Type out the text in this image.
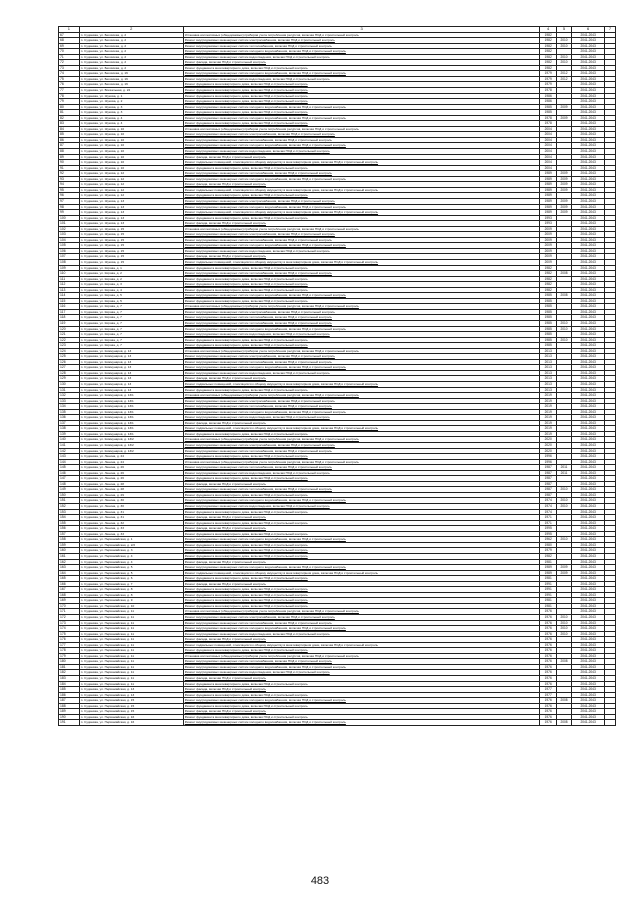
1	2	3	4	5	6	7
67	п. Судиевка, ул. Беговская, д. 2	Установка коллективных (общедомовых) приборов учета потребления ресурсов, включая ПСД и строительный контроль	1982		2041-2043	
68	п. Судиевка, ул. Беговская, д. 2	Ремонт внутридомовых инженерных систем электроснабжения, включая ПСД и строительный контроль	1982	2010	2041-2043	
69	п. Судиевка, ул. Беговская, д. 2	Ремонт внутридомовых инженерных систем теплоснабжения, включая ПСД и строительный контроль	1982	2010	2041-2043	
70	п. Судиевка, ул. Беговская, д. 2	Ремонт внутридомовых инженерных систем холодного водоснабжения, включая ПСД и строительный контроль	1982		2041-2043	
71	п. Судиевка, ул. Беговская, д. 2	Ремонт внутридомовых инженерных систем водоотведения, включая ПСД и строительный контроль	1982	2010	2041-2043	
72	п. Судиевка, ул. Беговская, д. 2	Ремонт фасада, включая ПСД и строительный контроль	1982	2010	2041-2043	
73	п. Судиевка, ул. Беговская, д. 2	Ремонт фундамента многоквартирного дома, включая ПСД и строительный контроль	1982		2041-2043	
74	п. Судиевка, ул. Беговская, д. 16	Ремонт внутридомовых инженерных систем холодного водоснабжения, включая ПСД и строительный контроль	1979	2012	2041-2043	
75	п. Судиевка, ул. Беговская, д. 16	Ремонт внутридомовых инженерных систем водоотведения, включая ПСД и строительный контроль	1979	2012	2041-2043	
76	п. Судиевка, ул. Беговская, д. 16	Ремонт фундамента многоквартирного дома, включая ПСД и строительный контроль	1979		2041-2043	
77	п. Судиевка, ул. Вокзальная, д. 24	Ремонт фундамента многоквартирного дома, включая ПСД и строительный контроль	1978		2041-2043	
78	п. Судиевка, ул. Жукова, д. 1	Ремонт фундамента многоквартирного дома, включая ПСД и строительный контроль	1986		2041-2043	
79	п. Судиевка, ул. Жукова, д. 2	Ремонт фундамента многоквартирного дома, включая ПСД и строительный контроль	1986		2041-2043	
80	п. Судиевка, ул. Жукова, д. 3	Ремонт внутридомовых инженерных систем холодного водоснабжения, включая ПСД и строительный контроль	1985	2009	2041-2043	
81	п. Судиевка, ул. Жукова, д. 3	Ремонт фундамента многоквартирного дома, включая ПСД и строительный контроль	1985		2041-2043	
82	п. Судиевка, ул. Жукова, д. 4	Ремонт внутридомовых инженерных систем холодного водоснабжения, включая ПСД и строительный контроль	1978	2009	2041-2043	
83	п. Судиевка, ул. Жукова, д. 4	Ремонт фундамента многоквартирного дома, включая ПСД и строительный контроль	1978		2041-2043	
84	п. Судиевка, ул. Жукова, д. 10	Установка коллективных (общедомовых) приборов учета потребления ресурсов, включая ПСД и строительный контроль	2004		2041-2043	
85	п. Судиевка, ул. Жукова, д. 10	Ремонт внутридомовых инженерных систем электроснабжения, включая ПСД и строительный контроль	2004		2041-2043	
86	п. Судиевка, ул. Жукова, д. 10	Ремонт внутридомовых инженерных систем теплоснабжения, включая ПСД и строительный контроль	2004		2041-2043	
87	п. Судиевка, ул. Жукова, д. 10	Ремонт внутридомовых инженерных систем холодного водоснабжения, включая ПСД и строительный контроль	2004		2041-2043	
88	п. Судиевка, ул. Жукова, д. 10	Ремонт внутридомовых инженерных систем водоотведения, включая ПСД и строительный контроль	2004		2041-2043	
89	п. Судиевка, ул. Жукова, д. 10	Ремонт фасада, включая ПСД и строительный контроль	2004		2041-2043	
90	п. Судиевка, ул. Жукова, д. 10	Ремонт подвальных помещений, относящихся к общему имуществу в многоквартирном доме, включая ПСД и строительный контроль	2004		2041-2043	
91	п. Судиевка, ул. Жукова, д. 10	Ремонт фундамента многоквартирного дома, включая ПСД и строительный контроль	2004		2041-2043	
92	п. Судиевка, ул. Жукова, д. 12	Ремонт внутридомовых инженерных систем теплоснабжения, включая ПСД и строительный контроль	1989	2009	2041-2043	
93	п. Судиевка, ул. Жукова, д. 12	Ремонт внутридомовых инженерных систем холодного водоснабжения, включая ПСД и строительный контроль	1989	2009	2041-2043	
94	п. Судиевка, ул. Жукова, д. 12	Ремонт фасада, включая ПСД и строительный контроль	1989	2009	2041-2043	
95	п. Судиевка, ул. Жукова, д. 12	Ремонт подвальных помещений, относящихся к общему имуществу в многоквартирном доме, включая ПСД и строительный контроль	1989	2009	2041-2043	
96	п. Судиевка, ул. Жукова, д. 12	Ремонт фундамента многоквартирного дома, включая ПСД и строительный контроль	1989		2041-2043	
97	п. Судиевка, ул. Жукова, д. 13	Ремонт внутридомовых инженерных систем электроснабжения, включая ПСД и строительный контроль	1989	2009	2041-2043	
98	п. Судиевка, ул. Жукова, д. 13	Ремонт внутридомовых инженерных систем холодного водоснабжения, включая ПСД и строительный контроль	1989	2009	2041-2043	
99	п. Судиевка, ул. Жукова, д. 13	Ремонт подвальных помещений, относящихся к общему имуществу в многоквартирном доме, включая ПСД и строительный контроль	1989	2009	2041-2043	
100	п. Судиевка, ул. Жукова, д. 13	Ремонт фундамента многоквартирного дома, включая ПСД и строительный контроль	1993		2041-2043	
101	п. Судиевка, ул. Жукова, д. 13	Ремонт фасада, включая ПСД и строительный контроль	1993		2041-2043	
102	п. Судиевка, ул. Жукова, д. 15	Установка коллективных (общедомовых) приборов учета потребления ресурсов, включая ПСД и строительный контроль	2009		2041-2043	
103	п. Судиевка, ул. Жукова, д. 15	Ремонт внутридомовых инженерных систем электроснабжения, включая ПСД и строительный контроль	2009		2041-2043	
104	п. Судиевка, ул. Жукова, д. 15	Ремонт внутридомовых инженерных систем теплоснабжения, включая ПСД и строительный контроль	2009		2041-2043	
105	п. Судиевка, ул. Жукова, д. 15	Ремонт внутридомовых инженерных систем холодного водоснабжения, включая ПСД и строительный контроль	2009		2041-2043	
106	п. Судиевка, ул. Жукова, д. 15	Ремонт внутридомовых инженерных систем водоотведения, включая ПСД и строительный контроль	2009		2041-2043	
107	п. Судиевка, ул. Жукова, д. 15	Ремонт фасада, включая ПСД и строительный контроль	2009		2041-2043	
108	п. Судиевка, ул. Жукова, д. 15	Ремонт подвальных помещений, относящихся к общему имуществу в многоквартирном доме, включая ПСД и строительный контроль	2009		2041-2043	
109	п. Судиевка, ул. Кирова, д. 1	Ремонт фундамента многоквартирного дома, включая ПСД и строительный контроль	1982		2041-2043	
110	п. Судиевка, ул. Кирова, д. 2	Ремонт внутридомовых инженерных систем теплоснабжения, включая ПСД и строительный контроль	1982	2008	2041-2043	
111	п. Судиевка, ул. Кирова, д. 2	Ремонт фундамента многоквартирного дома, включая ПСД и строительный контроль	1982		2041-2043	
112	п. Судиевка, ул. Кирова, д. 3	Ремонт фундамента многоквартирного дома, включая ПСД и строительный контроль	1982		2041-2043	
113	п. Судиевка, ул. Кирова, д. 4	Ремонт фундамента многоквартирного дома, включая ПСД и строительный контроль	1982		2041-2043	
114	п. Судиевка, ул. Кирова, д. 5	Ремонт внутридомовых инженерных систем холодного водоснабжения, включая ПСД и строительный контроль	1985	2008	2041-2043	
115	п. Судиевка, ул. Кирова, д. 5	Ремонт фундамента многоквартирного дома, включая ПСД и строительный контроль	1985		2041-2043	
116	п. Судиевка, ул. Кирова, д. 7	Установка коллективных (общедомовых) приборов учета потребления ресурсов, включая ПСД и строительный контроль	1985		2041-2043	
117	п. Судиевка, ул. Кирова, д. 7	Ремонт внутридомовых инженерных систем электроснабжения, включая ПСД и строительный контроль	1985		2041-2043	
118	п. Судиевка, ул. Кирова, д. 7	Ремонт внутридомовых инженерных систем теплоснабжения, включая ПСД и строительный контроль	1985		2041-2043	
119	п. Судиевка, ул. Кирова, д. 7	Ремонт внутридомовых инженерных систем теплоснабжения, включая ПСД и строительный контроль	1985	2010	2041-2043	
120	п. Судиевка, ул. Кирова, д. 7	Ремонт внутридомовых инженерных систем холодного водоснабжения, включая ПСД и строительный контроль	1985	2010	2041-2043	
121	п. Судиевка, ул. Кирова, д. 7	Ремонт внутридомовых инженерных систем водоотведения, включая ПСД и строительный контроль	1985		2041-2043	
122	п. Судиевка, ул. Кирова, д. 7	Ремонт фундамента многоквартирного дома, включая ПСД и строительный контроль	1985	2010	2041-2043	
123	п. Судиевка, ул. Кирова, д. 7	Ремонт фундамента многоквартирного дома, включая ПСД и строительный контроль	1985		2041-2043	
124	п. Судиевка, ул. Коммунаров, д. 13	Установка коллективных (общедомовых) приборов учета потребления ресурсов, включая ПСД и строительный контроль	2013		2041-2043	
125	п. Судиевка, ул. Коммунаров, д. 13	Ремонт внутридомовых инженерных систем электроснабжения, включая ПСД и строительный контроль	2013		2041-2043	
126	п. Судиевка, ул. Коммунаров, д. 13	Ремонт внутридомовых инженерных систем теплоснабжения, включая ПСД и строительный контроль	2013		2041-2043	
127	п. Судиевка, ул. Коммунаров, д. 13	Ремонт внутридомовых инженерных систем холодного водоснабжения, включая ПСД и строительный контроль	2013		2041-2043	
128	п. Судиевка, ул. Коммунаров, д. 13	Ремонт внутридомовых инженерных систем водоотведения, включая ПСД и строительный контроль	2013		2041-2043	
129	п. Судиевка, ул. Коммунаров, д. 13	Ремонт фасада, включая ПСД и строительный контроль	2013		2041-2043	
130	п. Судиевка, ул. Коммунаров, д. 13	Ремонт подвальных помещений, относящихся к общему имуществу в многоквартирном доме, включая ПСД и строительный контроль	2013		2041-2043	
131	п. Судиевка, ул. Коммунаров, д. 13	Ремонт фундамента многоквартирного дома, включая ПСД и строительный контроль	2013		2041-2043	
132	п. Судиевка, ул. Коммунаров, д. 13/1	Установка коллективных (общедомовых) приборов учета потребления ресурсов, включая ПСД и строительный контроль	2019		2041-2043	
133	п. Судиевка, ул. Коммунаров, д. 13/1	Ремонт внутридомовых инженерных систем электроснабжения, включая ПСД и строительный контроль	2019		2041-2043	
134	п. Судиевка, ул. Коммунаров, д. 13/1	Ремонт внутридомовых инженерных систем теплоснабжения, включая ПСД и строительный контроль	2019		2041-2043	
135	п. Судиевка, ул. Коммунаров, д. 13/1	Ремонт внутридомовых инженерных систем холодного водоснабжения, включая ПСД и строительный контроль	2019		2041-2043	
136	п. Судиевка, ул. Коммунаров, д. 13/1	Ремонт внутридомовых инженерных систем водоотведения, включая ПСД и строительный контроль	2019		2041-2043	
137	п. Судиевка, ул. Коммунаров, д. 13/1	Ремонт фасада, включая ПСД и строительный контроль	2019		2041-2043	
138	п. Судиевка, ул. Коммунаров, д. 13/1	Ремонт подвальных помещений, относящихся к общему имуществу в многоквартирном доме, включая ПСД и строительный контроль	2019		2041-2043	
139	п. Судиевка, ул. Коммунаров, д. 13/1	Ремонт фундамента многоквартирного дома, включая ПСД и строительный контроль	2019		2041-2043	
140	п. Судиевка, ул. Коммунаров, д. 13/2	Установка коллективных (общедомовых) приборов учета потребления ресурсов, включая ПСД и строительный контроль	2020		2041-2043	
141	п. Судиевка, ул. Коммунаров, д. 13/2	Ремонт внутридомовых инженерных систем электроснабжения, включая ПСД и строительный контроль	2020		2041-2043	
142	п. Судиевка, ул. Коммунаров, д. 13/2	Ремонт внутридомовых инженерных систем теплоснабжения, включая ПСД и строительный контроль	2020		2041-2043	
143	п. Судиевка, ул. Ленина, д. 24	Ремонт фундамента многоквартирного дома, включая ПСД и строительный контроль	1996		2041-2043	
144	п. Судиевка, ул. Ленина, д. 24	Установка коллективных (общедомовых) приборов учета потребления ресурсов, включая ПСД и строительный контроль	1996		2041-2043	
145	п. Судиевка, ул. Ленина, д. 26	Ремонт внутридомовых инженерных систем теплоснабжения, включая ПСД и строительный контроль	1987	2011	2041-2043	
146	п. Судиевка, ул. Ленина, д. 26	Ремонт внутридомовых инженерных систем водоотведения, включая ПСД и строительный контроль	1987	2011	2041-2043	
147	п. Судиевка, ул. Ленина, д. 26	Ремонт фундамента многоквартирного дома, включая ПСД и строительный контроль	1987		2041-2043	
148	п. Судиевка, ул. Ленина, д. 28	Ремонт фасада, включая ПСД и строительный контроль	1987		2041-2043	
149	п. Судиевка, ул. Ленина, д. 28	Ремонт внутридомовых инженерных систем теплоснабжения, включая ПСД и строительный контроль	1987	2010	2041-2043	
150	п. Судиевка, ул. Ленина, д. 29	Ремонт фундамента многоквартирного дома, включая ПСД и строительный контроль	1987		2041-2043	
151	п. Судиевка, ул. Ленина, д. 30	Ремонт внутридомовых инженерных систем холодного водоснабжения, включая ПСД и строительный контроль	1974	2010	2041-2043	
152	п. Судиевка, ул. Ленина, д. 30	Ремонт внутридомовых инженерных систем водоотведения, включая ПСД и строительный контроль	1974	2010	2041-2043	
153	п. Судиевка, ул. Ленина, д. 31	Ремонт фундамента многоквартирного дома, включая ПСД и строительный контроль	1974		2041-2043	
154	п. Судиевка, ул. Ленина, д. 31	Ремонт фасада, включая ПСД и строительный контроль	1971		2041-2043	
155	п. Судиевка, ул. Ленина, д. 32	Ремонт фундамента многоквартирного дома, включая ПСД и строительный контроль	1971		2041-2043	
156	п. Судиевка, ул. Ленина, д. 33	Ремонт фасада, включая ПСД и строительный контроль	1995		2041-2043	
157	п. Судиевка, ул. Ленина, д. 33	Ремонт фундамента многоквартирного дома, включая ПСД и строительный контроль	1995		2041-2043	
158	п. Судиевка, ул. Первомайская, д. 1	Ремонт внутридомовых инженерных систем холодного водоснабжения, включая ПСД и строительный контроль	1962	2010	2041-2043	
159	п. Судиевка, ул. Первомайская, д. 2/2	Ремонт фундамента многоквартирного дома, включая ПСД и строительный контроль	1980		2041-2043	
160	п. Судиевка, ул. Первомайская, д. 3	Ремонт фундамента многоквартирного дома, включая ПСД и строительный контроль	1979		2041-2043	
161	п. Судиевка, ул. Первомайская, д. 4	Ремонт фундамента многоквартирного дома, включая ПСД и строительный контроль	1982		2041-2043	
162	п. Судиевка, ул. Первомайская, д. 4	Ремонт фасада, включая ПСД и строительный контроль	1981		2041-2043	
163	п. Судиевка, ул. Первомайская, д. 5	Ремонт внутридомовых инженерных систем холодного водоснабжения, включая ПСД и строительный контроль	1989	2009	2041-2043	
164	п. Судиевка, ул. Первомайская, д. 5	Ремонт подвальных помещений, относящихся к общему имуществу в многоквартирном доме, включая ПСД и строительный контроль	1989	2009	2041-2043	
165	п. Судиевка, ул. Первомайская, д. 6	Ремонт фундамента многоквартирного дома, включая ПСД и строительный контроль	1981		2041-2043	
166	п. Судиевка, ул. Первомайская, д. 7	Ремонт фасада, включая ПСД и строительный контроль	1991		2041-2043	
167	п. Судиевка, ул. Первомайская, д. 8	Ремонт фундамента многоквартирного дома, включая ПСД и строительный контроль	1991		2041-2043	
168	п. Судиевка, ул. Первомайская, д. 8	Ремонт фундамента многоквартирного дома, включая ПСД и строительный контроль	1991		2041-2043	
169	п. Судиевка, ул. Первомайская, д. 9	Ремонт фундамента многоквартирного дома, включая ПСД и строительный контроль	1981		2041-2043	
170	п. Судиевка, ул. Первомайская, д. 10	Ремонт фундамента многоквартирного дома, включая ПСД и строительный контроль	1981		2041-2043	
171	п. Судиевка, ул. Первомайская, д. 11	Установка коллективных (общедомовых) приборов учета потребления ресурсов, включая ПСД и строительный контроль	1976		2041-2043	
172	п. Судиевка, ул. Первомайская, д. 11	Ремонт внутридомовых инженерных систем электроснабжения, включая ПСД и строительный контроль	1976	2010	2041-2043	
173	п. Судиевка, ул. Первомайская, д. 11	Ремонт внутридомовых инженерных систем теплоснабжения, включая ПСД и строительный контроль	1976	2010	2041-2043	
174	п. Судиевка, ул. Первомайская, д. 11	Ремонт внутридомовых инженерных систем холодного водоснабжения, включая ПСД и строительный контроль	1976	2010	2041-2043	
175	п. Судиевка, ул. Первомайская, д. 11	Ремонт внутридомовых инженерных систем водоотведения, включая ПСД и строительный контроль	1976	2010	2041-2043	
176	п. Судиевка, ул. Первомайская, д. 11	Ремонт фасада, включая ПСД и строительный контроль	1976		2041-2043	
177	п. Судиевка, ул. Первомайская, д. 11	Ремонт подвальных помещений, относящихся к общему имуществу в многоквартирном доме, включая ПСД и строительный контроль	1976		2041-2043	
178	п. Судиевка, ул. Первомайская, д. 11	Ремонт фундамента многоквартирного дома, включая ПСД и строительный контроль	1976		2041-2043	
179	п. Судиевка, ул. Первомайская, д. 11	Установка коллективных (общедомовых) приборов учета потребления ресурсов, включая ПСД и строительный контроль	1976		2041-2043	
180	п. Судиевка, ул. Первомайская, д. 11	Ремонт внутридомовых инженерных систем теплоснабжения, включая ПСД и строительный контроль	1976	2008	2041-2043	
181	п. Судиевка, ул. Первомайская, д. 11	Ремонт внутридомовых инженерных систем холодного водоснабжения, включая ПСД и строительный контроль	1976		2041-2043	
182	п. Судиевка, ул. Первомайская, д. 11	Ремонт внутридомовых инженерных систем водоотведения, включая ПСД и строительный контроль	1976		2041-2043	
183	п. Судиевка, ул. Первомайская, д. 11	Ремонт фасада, включая ПСД и строительный контроль	1976		2041-2043	
184	п. Судиевка, ул. Первомайская, д. 11	Ремонт фундамента многоквартирного дома, включая ПСД и строительный контроль	1976		2041-2043	
185	п. Судиевка, ул. Первомайская, д. 13	Ремонт фасада, включая ПСД и строительный контроль	1977		2041-2043	
186	п. Судиевка, ул. Первомайская, д. 13	Ремонт фундамента многоквартирного дома, включая ПСД и строительный контроль	1977		2041-2043	
187	п. Судиевка, ул. Первомайская, д. 15	Ремонт внутридомовых инженерных систем холодного водоснабжения, включая ПСД и строительный контроль	1976	2008	2041-2043	
188	п. Судиевка, ул. Первомайская, д. 15	Ремонт фундамента многоквартирного дома, включая ПСД и строительный контроль	1976		2041-2043	
189	п. Судиевка, ул. Первомайская, д. 15	Ремонт фасада, включая ПСД и строительный контроль	1976		2041-2043	
190	п. Судиевка, ул. Первомайская, д. 16	Ремонт фундамента многоквартирного дома, включая ПСД и строительный контроль	1976		2041-2043	
191	п. Судиевка, ул. Первомайская, д. 16	Ремонт внутридомовых инженерных систем холодного водоснабжения, включая ПСД и строительный контроль	1976	2008	2041-2043	
483
